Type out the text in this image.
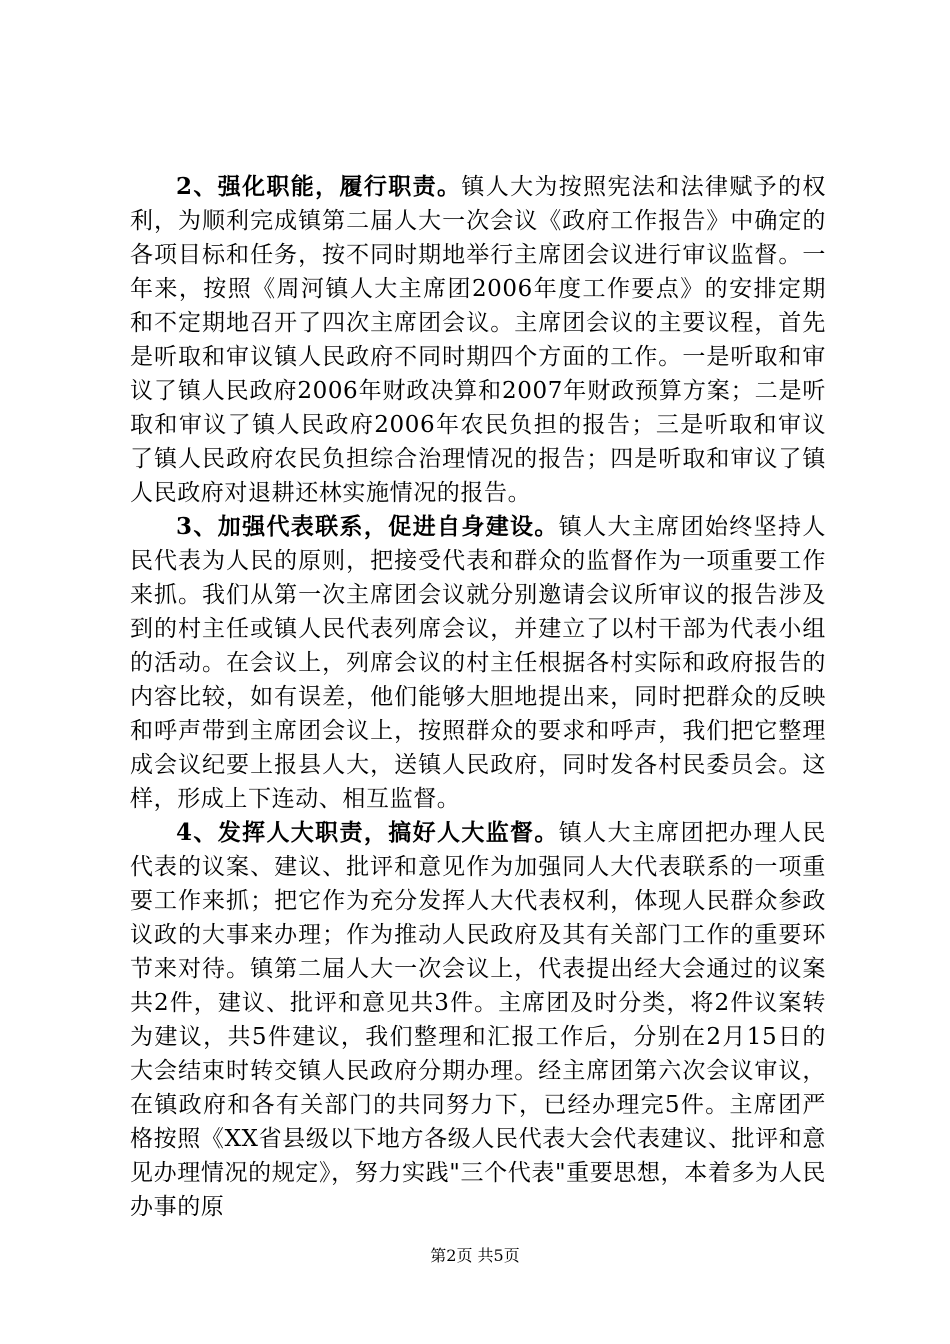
2、强化职能，履行职责。镇人大为按照宪法和法律赋予的权利，为顺利完成镇第二届人大一次会议《政府工作报告》中确定的各项目标和任务，按不同时期地举行主席团会议进行审议监督。一年来，按照《周河镇人大主席团2006年度工作要点》的安排定期和不定期地召开了四次主席团会议。主席团会议的主要议程，首先是听取和审议镇人民政府不同时期四个方面的工作。一是听取和审议了镇人民政府2006年财政决算和2007年财政预算方案；二是听取和审议了镇人民政府2006年农民负担的报告；三是听取和审议了镇人民政府农民负担综合治理情况的报告；四是听取和审议了镇人民政府对退耕还林实施情况的报告。

3、加强代表联系，促进自身建设。镇人大主席团始终坚持人民代表为人民的原则，把接受代表和群众的监督作为一项重要工作来抓。我们从第一次主席团会议就分别邀请会议所审议的报告涉及到的村主任或镇人民代表列席会议，并建立了以村干部为代表小组的活动。在会议上，列席会议的村主任根据各村实际和政府报告的内容比较，如有误差，他们能够大胆地提出来，同时把群众的反映和呼声带到主席团会议上，按照群众的要求和呼声，我们把它整理成会议纪要上报县人大，送镇人民政府，同时发各村民委员会。这样，形成上下连动、相互监督。

4、发挥人大职责，搞好人大监督。镇人大主席团把办理人民代表的议案、建议、批评和意见作为加强同人大代表联系的一项重要工作来抓；把它作为充分发挥人大代表权利，体现人民群众参政议政的大事来办理；作为推动人民政府及其有关部门工作的重要环节来对待。镇第二届人大一次会议上，代表提出经大会通过的议案共2件，建议、批评和意见共3件。主席团及时分类，将2件议案转为建议，共5件建议，我们整理和汇报工作后，分别在2月15日的大会结束时转交镇人民政府分期办理。经主席团第六次会议审议，在镇政府和各有关部门的共同努力下，已经办理完5件。主席团严格按照《XX省县级以下地方各级人民代表大会代表建议、批评和意见办理情况的规定》，努力实践"三个代表"重要思想，本着多为人民办事的原

第2页 共5页
